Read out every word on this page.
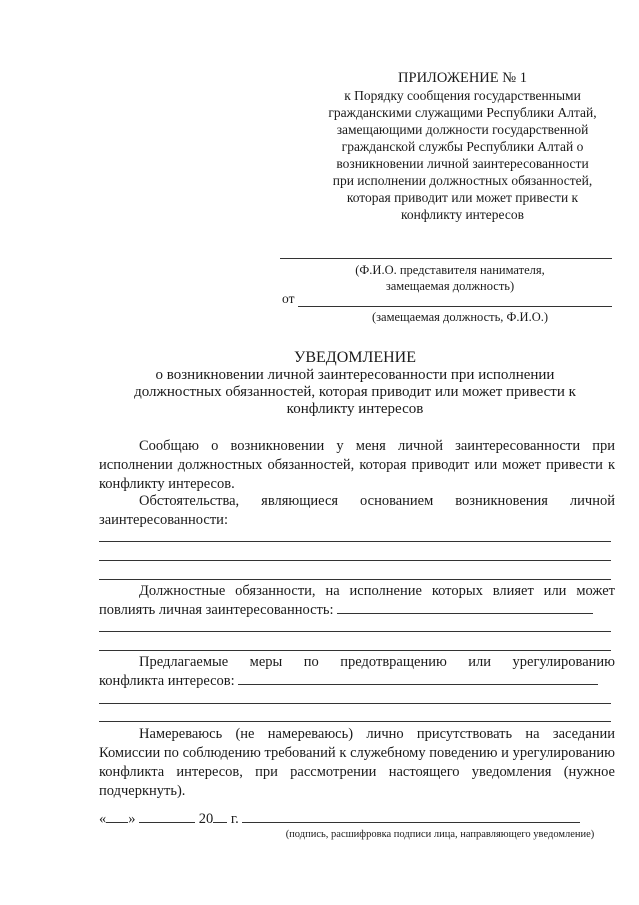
ПРИЛОЖЕНИЕ № 1
к Порядку сообщения государственными
гражданскими служащими Республики Алтай,
замещающими должности государственной
гражданской службы Республики Алтай о
возникновении личной заинтересованности
при исполнении должностных обязанностей,
которая приводит или может привести к
конфликту интересов
(Ф.И.О. представителя нанимателя,
замещаемая должность)
от
(замещаемая должность, Ф.И.О.)
УВЕДОМЛЕНИЕ
о возникновении личной заинтересованности при исполнении
должностных обязанностей, которая приводит или может привести к
конфликту интересов
Сообщаю о возникновении у меня личной заинтересованности при исполнении должностных обязанностей, которая приводит или может привести к конфликту интересов.
Обстоятельства, являющиеся основанием возникновения личной
заинтересованности:
Должностные обязанности, на исполнение которых влияет или может
повлиять личная заинтересованность:
Предлагаемые меры по предотвращению или урегулированию
конфликта интересов:
Намереваюсь (не намереваюсь) лично присутствовать на заседании Комиссии по соблюдению требований к служебному поведению и урегулированию конфликта интересов, при рассмотрении настоящего уведомления (нужное подчеркнуть).
« »	20 г.
(подпись, расшифровка подписи лица, направляющего уведомление)
